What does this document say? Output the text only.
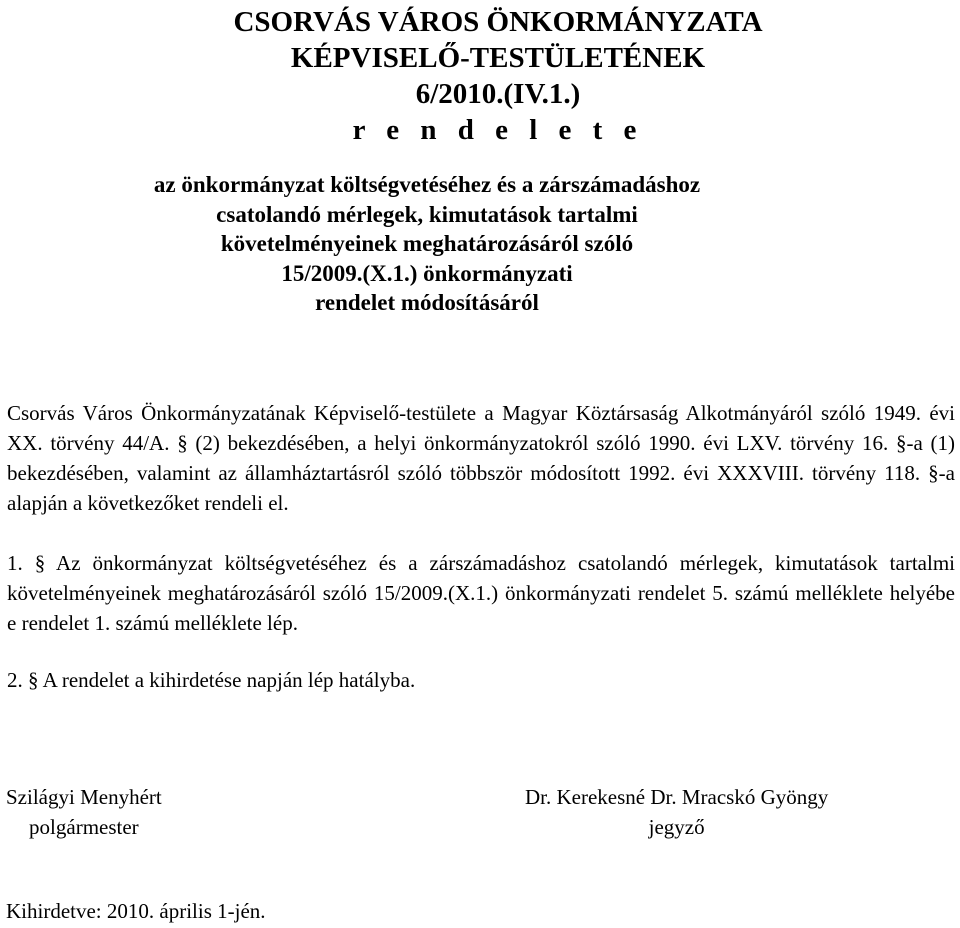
CSORVÁS VÁROS ÖNKORMÁNYZATA
KÉPVISELŐ-TESTÜLETÉNEK
6/2010.(IV.1.)
r e n d e l e t e
az önkormányzat költségvetéséhez és a zárszámadáshoz
csatolandó mérlegek, kimutatások tartalmi
követelményeinek meghatározásáról szóló
15/2009.(X.1.) önkormányzati
rendelet módosításáról
Csorvás Város Önkormányzatának Képviselő-testülete a Magyar Köztársaság Alkotmányáról szóló 1949. évi XX. törvény 44/A. § (2) bekezdésében, a helyi önkormányzatokról szóló 1990. évi LXV. törvény 16. §-a (1) bekezdésében, valamint az államháztartásról szóló többször módosított 1992. évi XXXVIII. törvény 118. §-a alapján a következőket rendeli el.
1. § Az önkormányzat költségvetéséhez és a zárszámadáshoz csatolandó mérlegek, kimutatások tartalmi követelményeinek meghatározásáról szóló 15/2009.(X.1.) önkormányzati rendelet 5. számú melléklete helyébe e rendelet 1. számú melléklete lép.
2. § A rendelet a kihirdetése napján lép hatályba.
Szilágyi Menyhért
polgármester
Dr. Kerekesné Dr. Mracskó Gyöngy
jegyző
Kihirdetve: 2010. április 1-jén.
